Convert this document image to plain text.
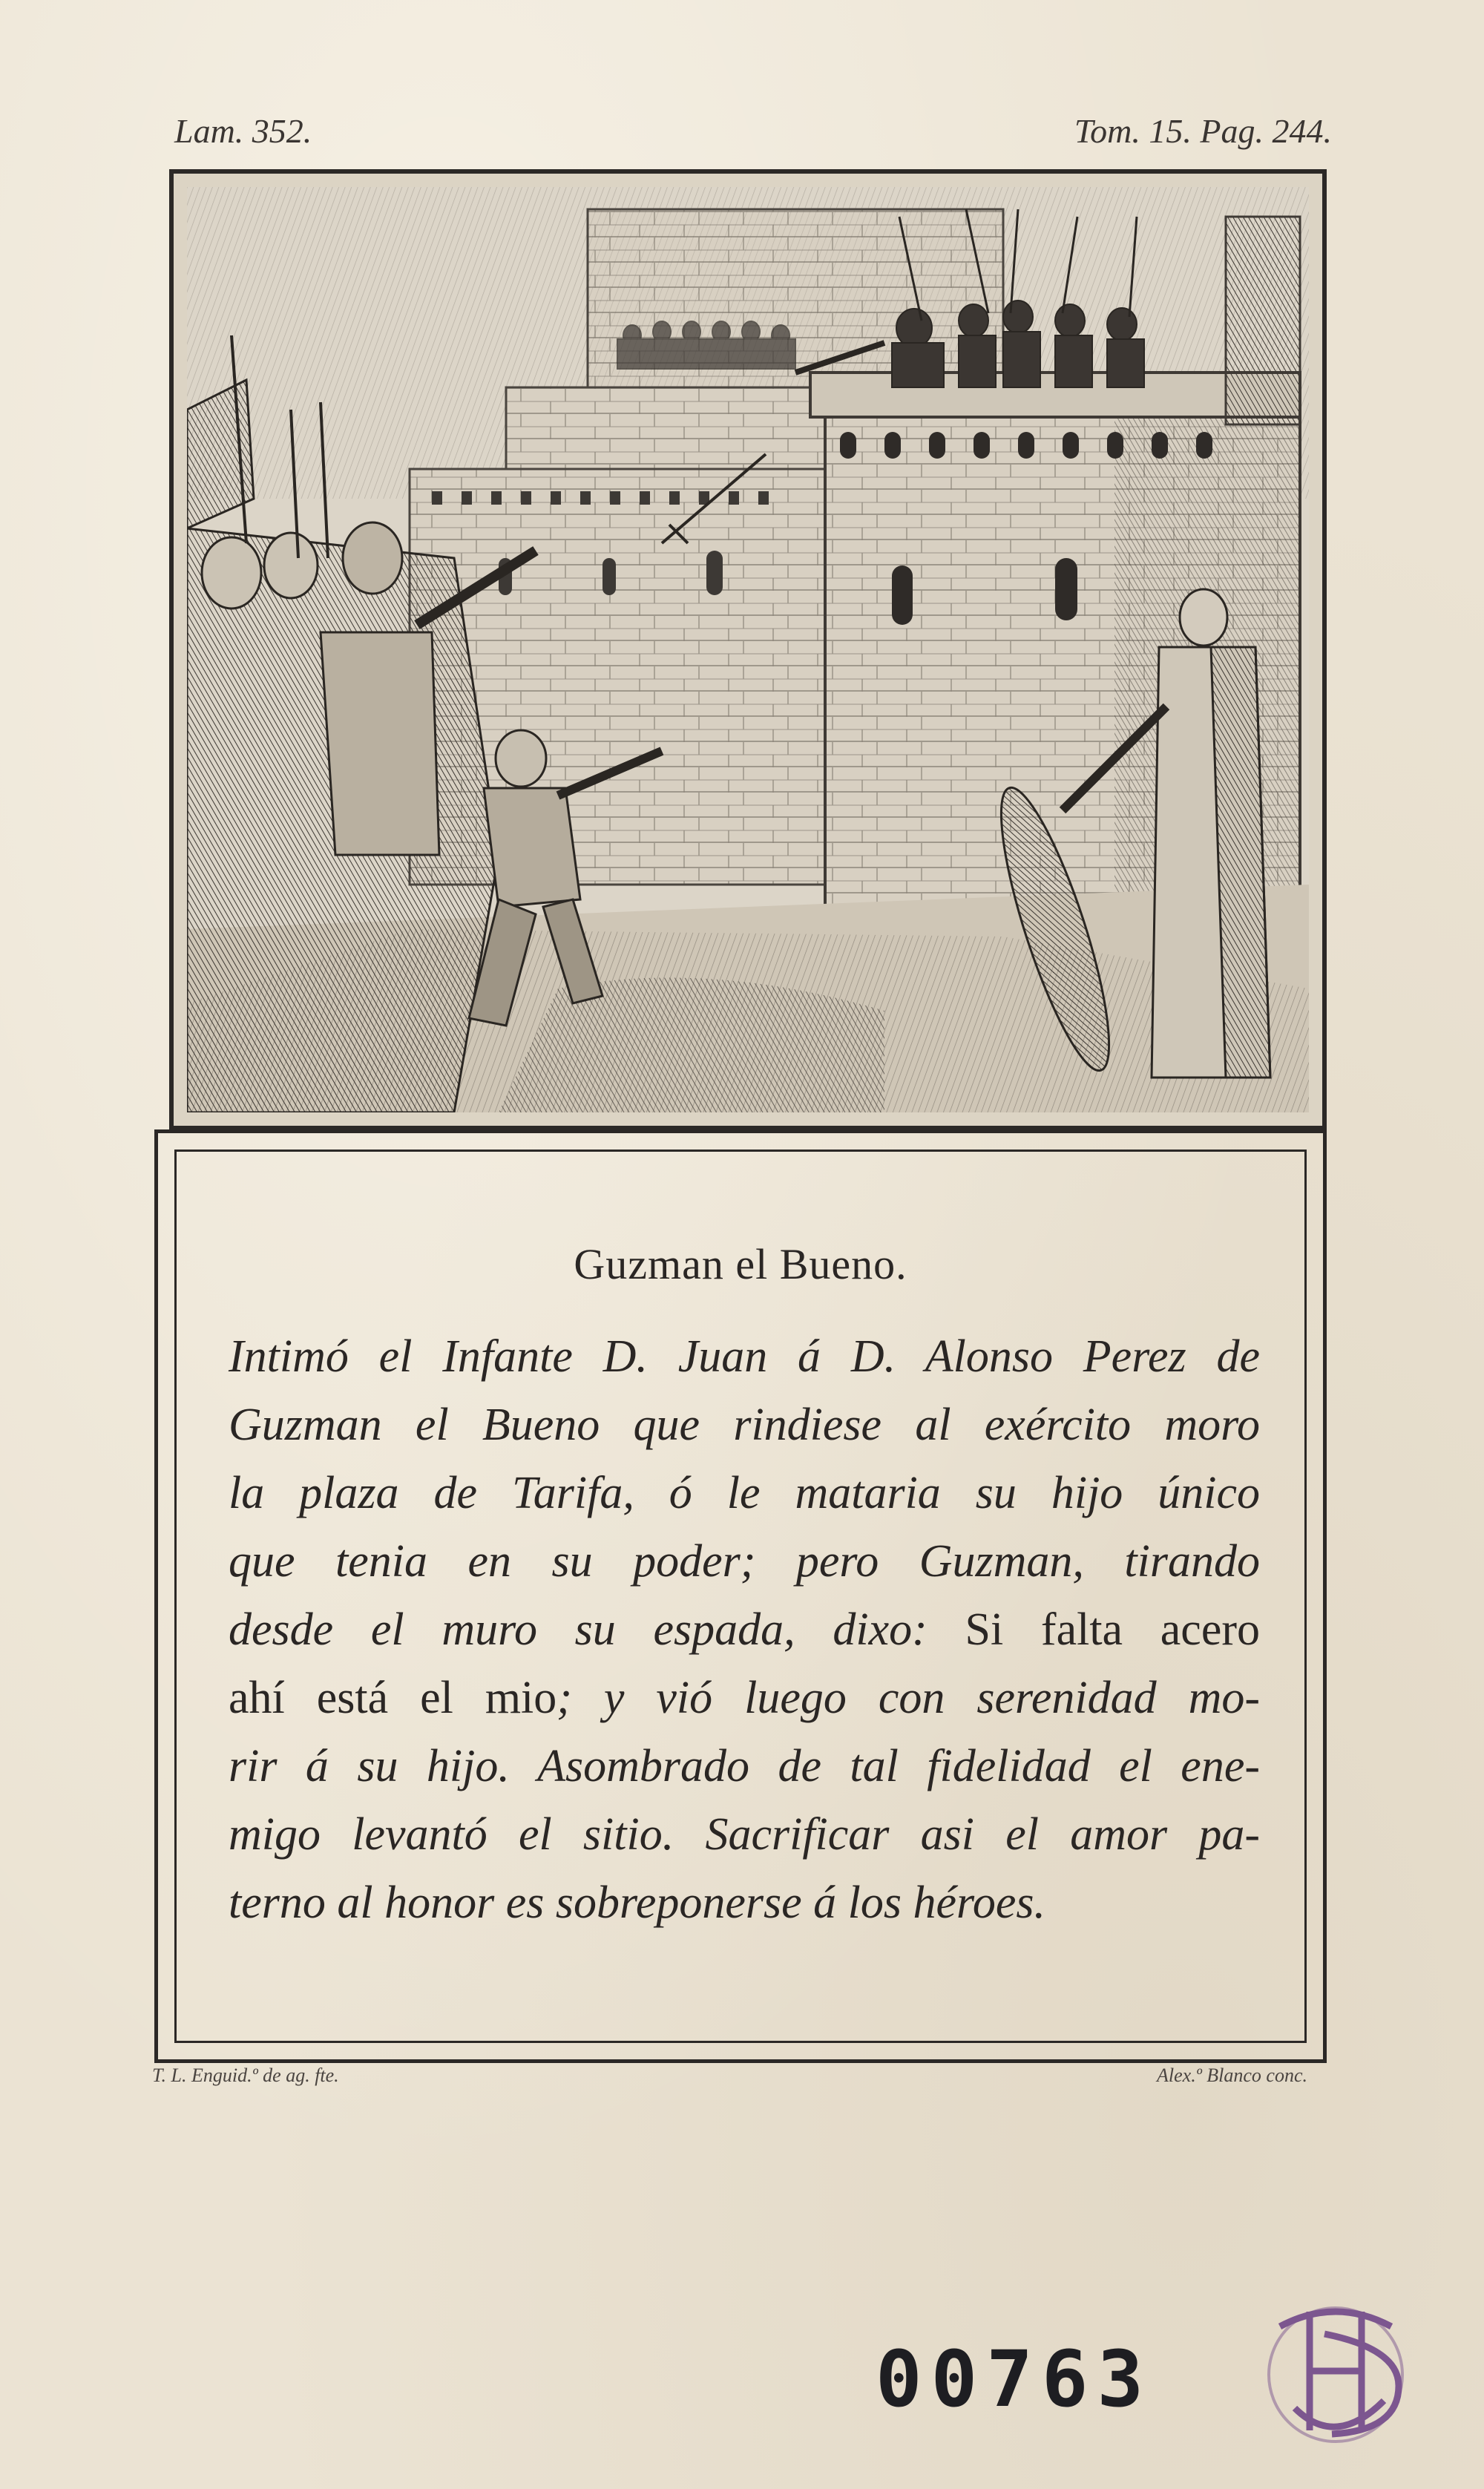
Lam. 352.	Tom. 15. Pag. 244.
Guzman el Bueno.
Intimó el Infante D. Juan á D. Alonso Perez de
Guzman el Bueno que rindiese al exército moro
la plaza de Tarifa, ó le mataria su hijo único
que tenia en su poder; pero Guzman, tirando
desde el muro su espada, dixo: Si falta acero
ahí está el mio; y vió luego con serenidad mo-
rir á su hijo. Asombrado de tal fidelidad el ene-
migo levantó el sitio. Sacrificar asi el amor pa-
terno al honor es sobreponerse á los héroes.
T. L. Enguid.º de ag. fte.	Alex.º Blanco conc.
00763
